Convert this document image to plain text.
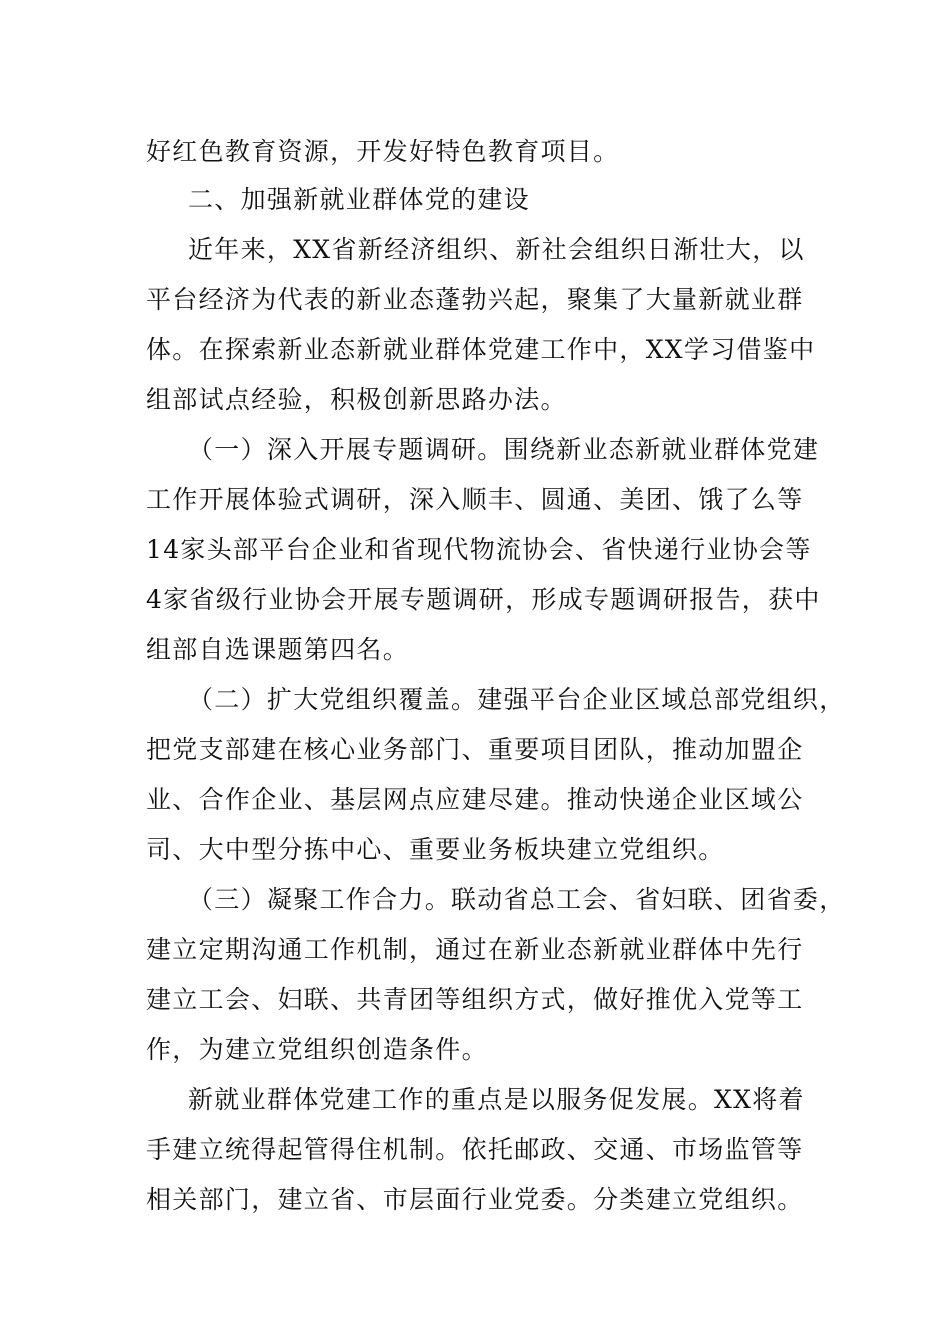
好红色教育资源，开发好特色教育项目。
二、加强新就业群体党的建设
近年来，XX省新经济组织、新社会组织日渐壮大，以
平台经济为代表的新业态蓬勃兴起，聚集了大量新就业群
体。在探索新业态新就业群体党建工作中，XX学习借鉴中
组部试点经验，积极创新思路办法。
（一）深入开展专题调研。围绕新业态新就业群体党建
工作开展体验式调研，深入顺丰、圆通、美团、饿了么等
14家头部平台企业和省现代物流协会、省快递行业协会等
4家省级行业协会开展专题调研，形成专题调研报告，获中
组部自选课题第四名。
（二）扩大党组织覆盖。建强平台企业区域总部党组织，
把党支部建在核心业务部门、重要项目团队，推动加盟企
业、合作企业、基层网点应建尽建。推动快递企业区域公
司、大中型分拣中心、重要业务板块建立党组织。
（三）凝聚工作合力。联动省总工会、省妇联、团省委，
建立定期沟通工作机制，通过在新业态新就业群体中先行
建立工会、妇联、共青团等组织方式，做好推优入党等工
作，为建立党组织创造条件。
新就业群体党建工作的重点是以服务促发展。XX将着
手建立统得起管得住机制。依托邮政、交通、市场监管等
相关部门，建立省、市层面行业党委。分类建立党组织。
